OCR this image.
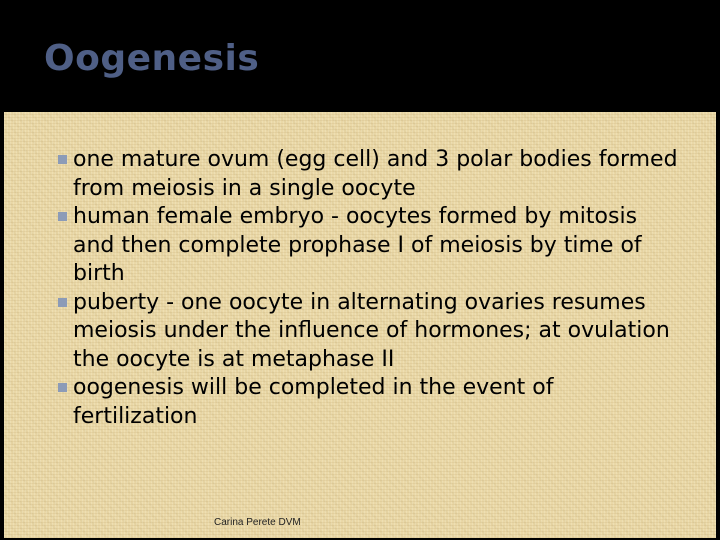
Oogenesis
one mature ovum (egg cell) and 3 polar bodies formed from meiosis in a single oocyte
human female embryo - oocytes formed by mitosis and then complete prophase I of meiosis by time of birth
puberty - one oocyte in alternating ovaries resumes meiosis under the influence of hormones; at ovulation the oocyte is at metaphase II
oogenesis will be completed in the event of fertilization
Carina Perete DVM
